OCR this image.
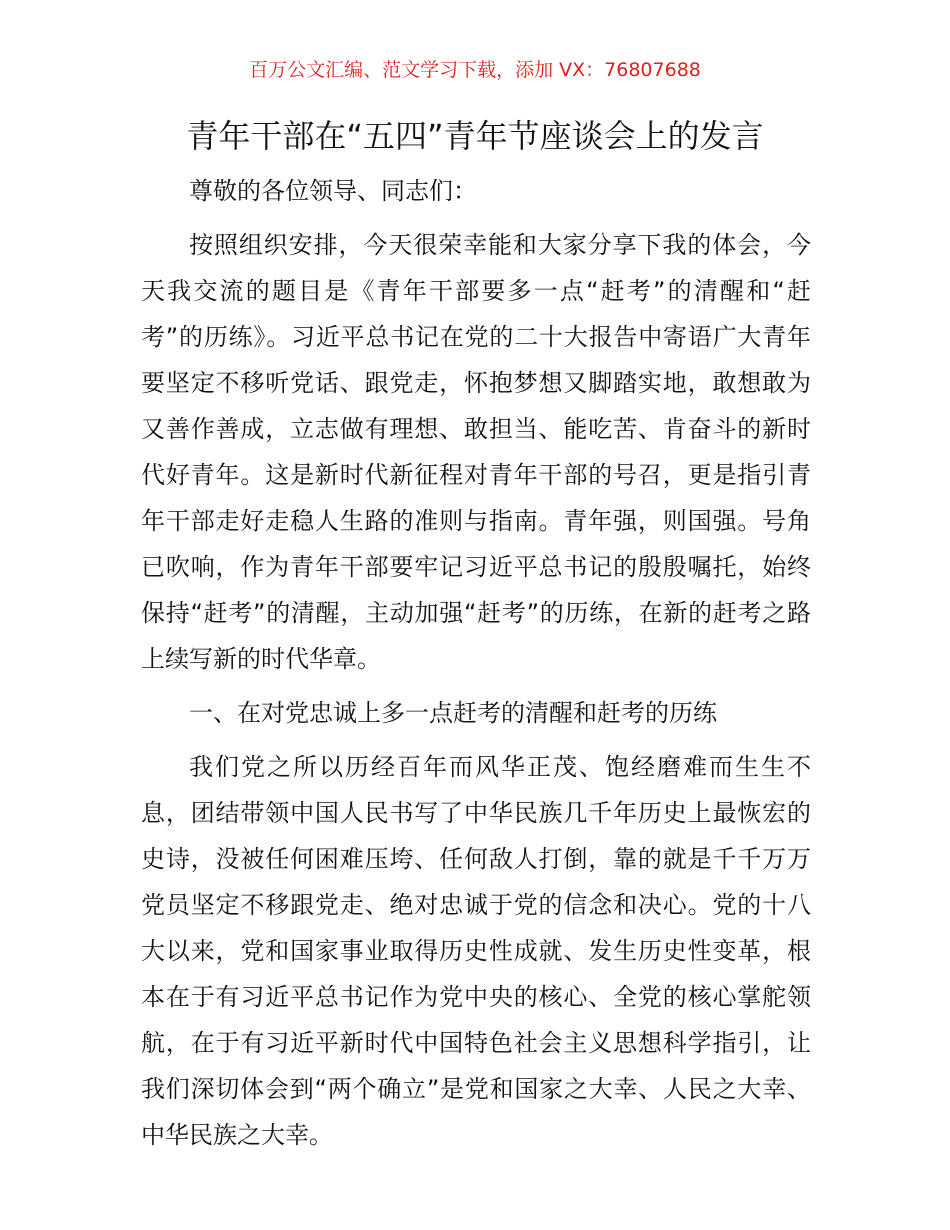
百万公文汇编、范文学习下载，添加 VX：76807688
青年干部在“五四”青年节座谈会上的发言

尊敬的各位领导、同志们：

按照组织安排，今天很荣幸能和大家分享下我的体会，今天我交流的题目是《青年干部要多一点“赶考”的清醒和“赶考”的历练》。习近平总书记在党的二十大报告中寄语广大青年要坚定不移听党话、跟党走，怀抱梦想又脚踏实地，敢想敢为又善作善成，立志做有理想、敢担当、能吃苦、肯奋斗的新时代好青年。这是新时代新征程对青年干部的号召，更是指引青年干部走好走稳人生路的准则与指南。青年强，则国强。号角已吹响，作为青年干部要牢记习近平总书记的殷殷嘱托，始终保持“赶考”的清醒，主动加强“赶考”的历练，在新的赶考之路上续写新的时代华章。

一、在对党忠诚上多一点赶考的清醒和赶考的历练

我们党之所以历经百年而风华正茂、饱经磨难而生生不息，团结带领中国人民书写了中华民族几千年历史上最恢宏的史诗，没被任何困难压垮、任何敌人打倒，靠的就是千千万万党员坚定不移跟党走、绝对忠诚于党的信念和决心。党的十八大以来，党和国家事业取得历史性成就、发生历史性变革，根本在于有习近平总书记作为党中央的核心、全党的核心掌舵领航，在于有习近平新时代中国特色社会主义思想科学指引，让我们深切体会到“两个确立”是党和国家之大幸、人民之大幸、中华民族之大幸。
